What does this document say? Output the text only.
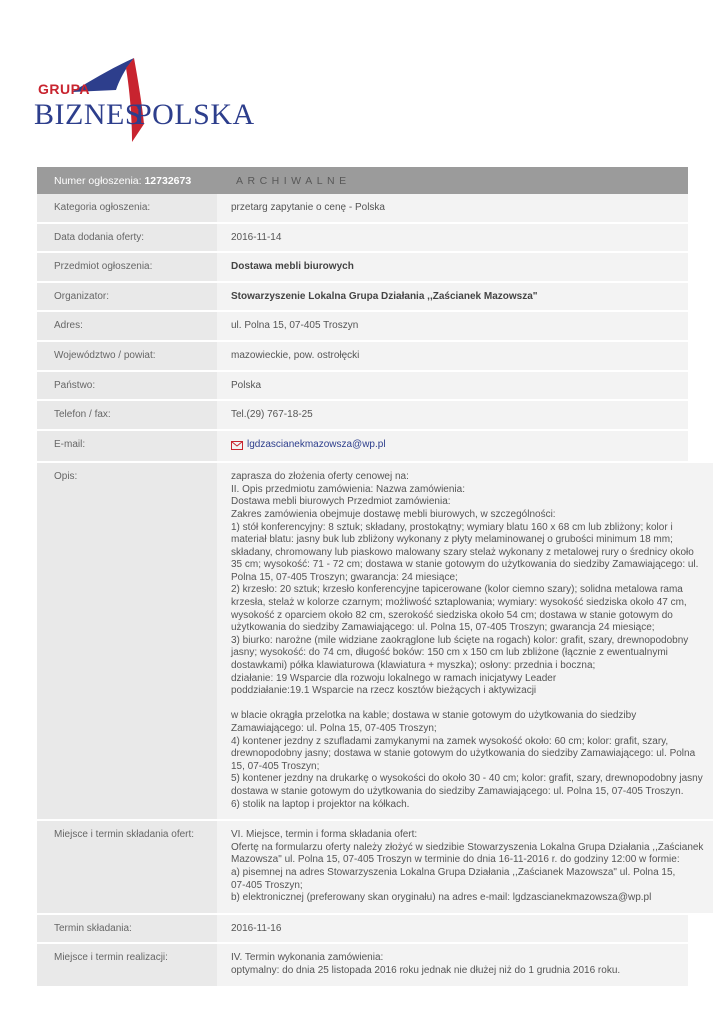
GRUPA
BIZNES
POLSKA
Numer ogłoszenia: 12732673	ARCHIWALNE
Kategoria ogłoszenia:	przetarg zapytanie o cenę - Polska
Data dodania oferty:	2016-11-14
Przedmiot ogłoszenia:	Dostawa mebli biurowych
Organizator:	Stowarzyszenie Lokalna Grupa Działania ,,Zaścianek Mazowsza"
Adres:	ul. Polna 15, 07-405 Troszyn
Województwo / powiat:	mazowieckie, pow. ostrołęcki
Państwo:	Polska
Telefon / fax:	Tel.(29) 767-18-25
E-mail:	lgdzascianekmazowsza@wp.pl
Opis:	zaprasza do złożenia oferty cenowej na:
II. Opis przedmiotu zamówienia: Nazwa zamówienia:
Dostawa mebli biurowych Przedmiot zamówienia:
Zakres zamówienia obejmuje dostawę mebli biurowych, w szczególności:
1) stół konferencyjny: 8 sztuk; składany, prostokątny; wymiary blatu 160 x 68 cm lub zbliżony; kolor i
materiał blatu: jasny buk lub zbliżony wykonany z płyty melaminowanej o grubości minimum 18 mm;
składany, chromowany lub piaskowo malowany szary stelaż wykonany z metalowej rury o średnicy około
35 cm; wysokość: 71 - 72 cm; dostawa w stanie gotowym do użytkowania do siedziby Zamawiającego: ul.
Polna 15, 07-405 Troszyn; gwarancja: 24 miesiące;
2) krzesło: 20 sztuk; krzesło konferencyjne tapicerowane (kolor ciemno szary); solidna metalowa rama
krzesła, stelaż w kolorze czarnym; możliwość sztaplowania; wymiary: wysokość siedziska około 47 cm,
wysokość z oparciem około 82 cm, szerokość siedziska około 54 cm; dostawa w stanie gotowym do
użytkowania do siedziby Zamawiającego: ul. Polna 15, 07-405 Troszyn; gwarancja 24 miesiące;
3) biurko: narożne (mile widziane zaokrąglone lub ścięte na rogach) kolor: grafit, szary, drewnopodobny
jasny; wysokość: do 74 cm, długość boków: 150 cm x 150 cm lub zbliżone (łącznie z ewentualnymi
dostawkami) półka klawiaturowa (klawiatura + myszka); osłony: przednia i boczna;
działanie: 19 Wsparcie dla rozwoju lokalnego w ramach inicjatywy Leader
poddziałanie:19.1 Wsparcie na rzecz kosztów bieżących i aktywizacji
w blacie okrągła przelotka na kable; dostawa w stanie gotowym do użytkowania do siedziby
Zamawiającego: ul. Polna 15, 07-405 Troszyn;
4) kontener jezdny z szufladami zamykanymi na zamek wysokość około: 60 cm; kolor: grafit, szary,
drewnopodobny jasny; dostawa w stanie gotowym do użytkowania do siedziby Zamawiającego: ul. Polna
15, 07-405 Troszyn;
5) kontener jezdny na drukarkę o wysokości do około 30 - 40 cm; kolor: grafit, szary, drewnopodobny jasny
dostawa w stanie gotowym do użytkowania do siedziby Zamawiającego: ul. Polna 15, 07-405 Troszyn.
6) stolik na laptop i projektor na kółkach.
Miejsce i termin składania ofert:	VI. Miejsce, termin i forma składania ofert:
Ofertę na formularzu oferty należy złożyć w siedzibie Stowarzyszenia Lokalna Grupa Działania ,,Zaścianek
Mazowsza" ul. Polna 15, 07-405 Troszyn w terminie do dnia 16-11-2016 r. do godziny 12:00 w formie:
a) pisemnej na adres Stowarzyszenia Lokalna Grupa Działania ,,Zaścianek Mazowsza" ul. Polna 15,
07-405 Troszyn;
b) elektronicznej (preferowany skan oryginału) na adres e-mail: lgdzascianekmazowsza@wp.pl
Termin składania:	2016-11-16
Miejsce i termin realizacji:	IV. Termin wykonania zamówienia:
optymalny: do dnia 25 listopada 2016 roku jednak nie dłużej niż do 1 grudnia 2016 roku.
